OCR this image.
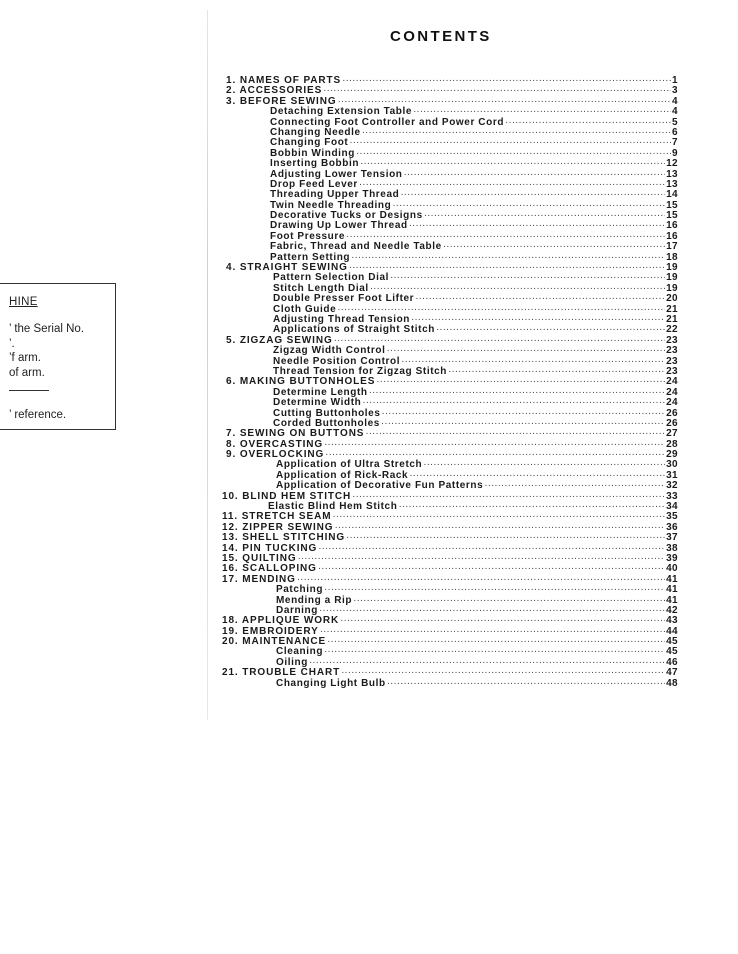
HINE
’ the Serial No.
’.
’f arm.
of arm.
’ reference.
CONTENTS
1. NAMES OF PARTS ·····	1
2. ACCESSORIES ·····	3
3. BEFORE SEWING ·····	4
Detaching Extension Table ·····	4
Connecting Foot Controller and Power Cord ·····	5
Changing Needle ·····	6
Changing Foot ·····	7
Bobbin Winding ·····	9
Inserting Bobbin ·····	12
Adjusting Lower Tension ·····	13
Drop Feed Lever ·····	13
Threading Upper Thread ·····	14
Twin Needle Threading ·····	15
Decorative Tucks or Designs ·····	15
Drawing Up Lower Thread ·····	16
Foot Pressure ·····	16
Fabric, Thread and Needle Table ·····	17
Pattern Setting ·····	18
4. STRAIGHT SEWING ·····	19
Pattern Selection Dial ·····	19
Stitch Length Dial ·····	19
Double Presser Foot Lifter ·····	20
Cloth Guide ·····	21
Adjusting Thread Tension ·····	21
Applications of Straight Stitch ·····	22
5. ZIGZAG SEWING ·····	23
Zigzag Width Control ·····	23
Needle Position Control ·····	23
Thread Tension for Zigzag Stitch ·····	23
6. MAKING BUTTONHOLES ·····	24
Determine Length ·····	24
Determine Width ·····	24
Cutting Buttonholes ·····	26
Corded Buttonholes ·····	26
7. SEWING ON BUTTONS ·····	27
8. OVERCASTING ·····	28
9. OVERLOCKING ·····	29
Application of Ultra Stretch ·····	30
Application of Rick-Rack ·····	31
Application of Decorative Fun Patterns ·····	32
10. BLIND HEM STITCH ·····	33
Elastic Blind Hem Stitch ·····	34
11. STRETCH SEAM ·····	35
12. ZIPPER SEWING ·····	36
13. SHELL STITCHING ·····	37
14. PIN TUCKING ·····	38
15. QUILTING ·····	39
16. SCALLOPING ·····	40
17. MENDING ·····	41
Patching ·····	41
Mending a Rip ·····	41
Darning ·····	42
18. APPLIQUE WORK ·····	43
19. EMBROIDERY ·····	44
20. MAINTENANCE ·····	45
Cleaning ·····	45
Oiling ·····	46
21. TROUBLE CHART ·····	47
Changing Light Bulb ·····	48
